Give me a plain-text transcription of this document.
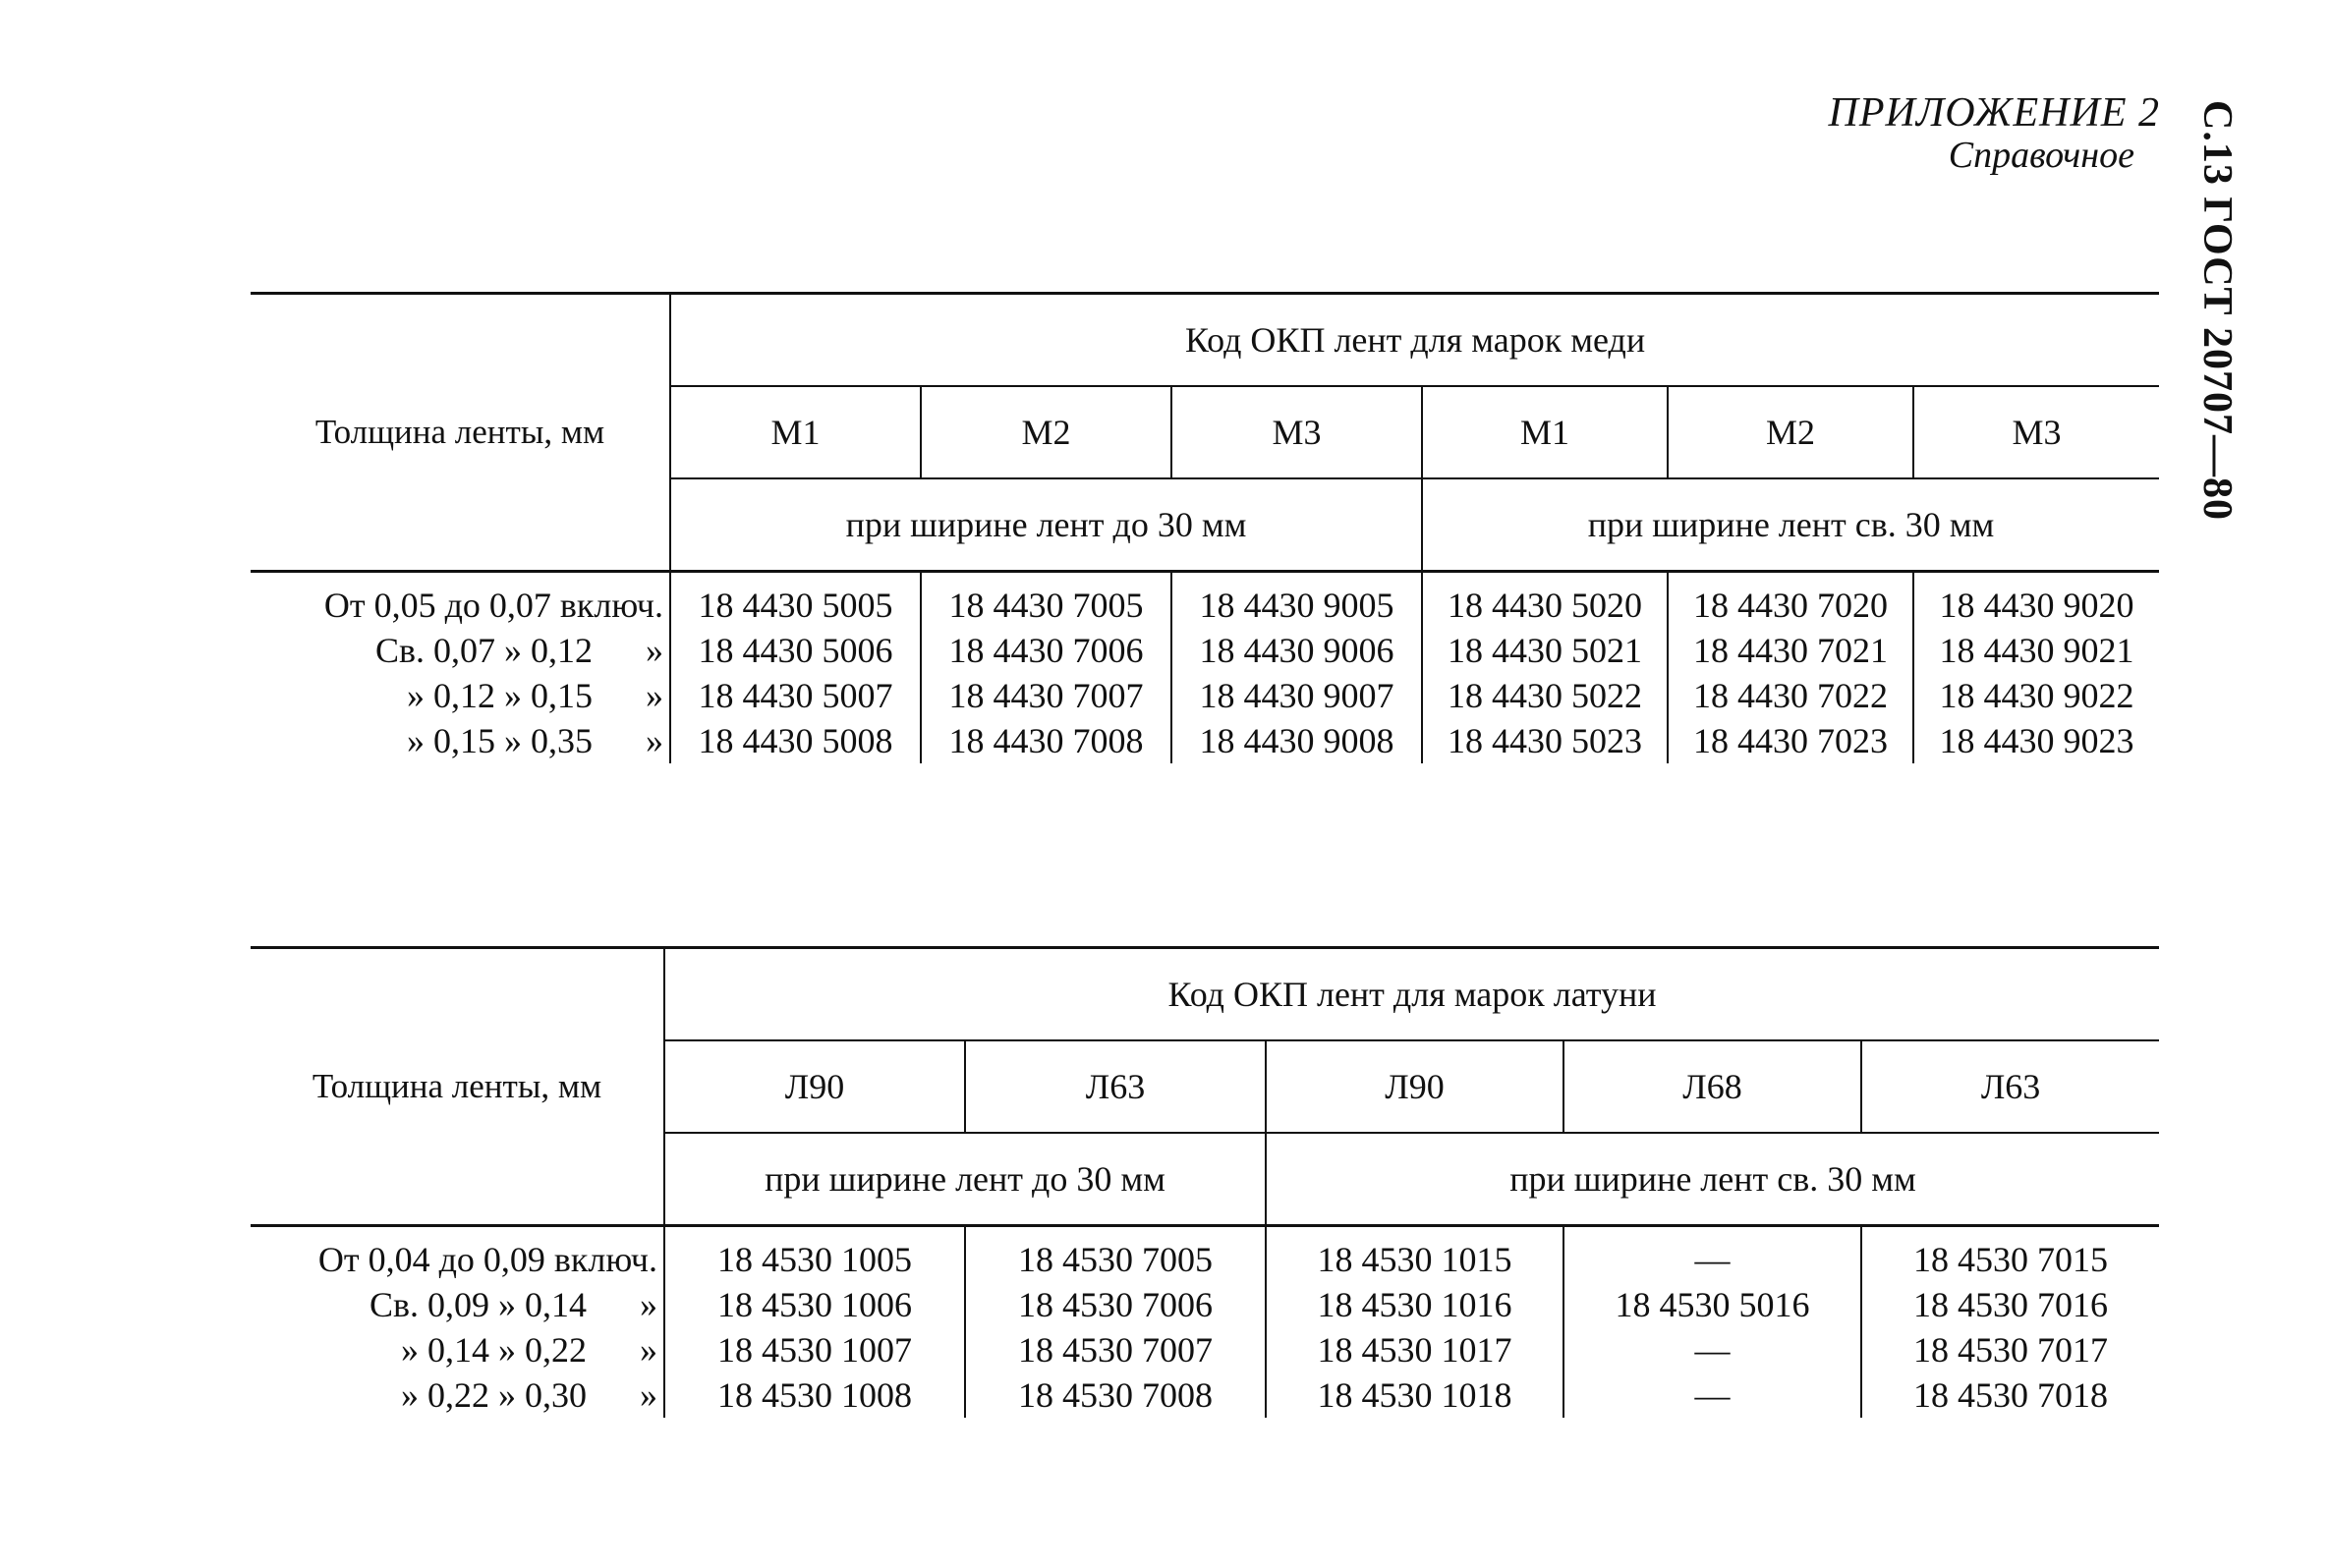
ПРИЛОЖЕНИЕ 2
Справочное С.13 ГОСТ 20707—80
Толщина ленты, мм	Код ОКП лент для марок меди					
	М1	М2	М3	М1	М2	М3
	при ширине лент до 30 мм			при ширине лент св. 30 мм		
От 0,05 до 0,07 включ.	18 4430 5005	18 4430 7005	18 4430 9005	18 4430 5020	18 4430 7020	18 4430 9020
Св. 0,07 » 0,12      »	18 4430 5006	18 4430 7006	18 4430 9006	18 4430 5021	18 4430 7021	18 4430 9021
» 0,12 » 0,15      »	18 4430 5007	18 4430 7007	18 4430 9007	18 4430 5022	18 4430 7022	18 4430 9022
» 0,15 » 0,35      »	18 4430 5008	18 4430 7008	18 4430 9008	18 4430 5023	18 4430 7023	18 4430 9023
Толщина ленты, мм	Код ОКП лент для марок латуни				
	Л90	Л63	Л90	Л68	Л63
	при ширине лент до 30 мм		при ширине лент св. 30 мм		
От 0,04 до 0,09 включ.	18 4530 1005	18 4530 7005	18 4530 1015	—	18 4530 7015
Св. 0,09 » 0,14      »	18 4530 1006	18 4530 7006	18 4530 1016	18 4530 5016	18 4530 7016
» 0,14 » 0,22      »	18 4530 1007	18 4530 7007	18 4530 1017	—	18 4530 7017
» 0,22 » 0,30      »	18 4530 1008	18 4530 7008	18 4530 1018	—	18 4530 7018
